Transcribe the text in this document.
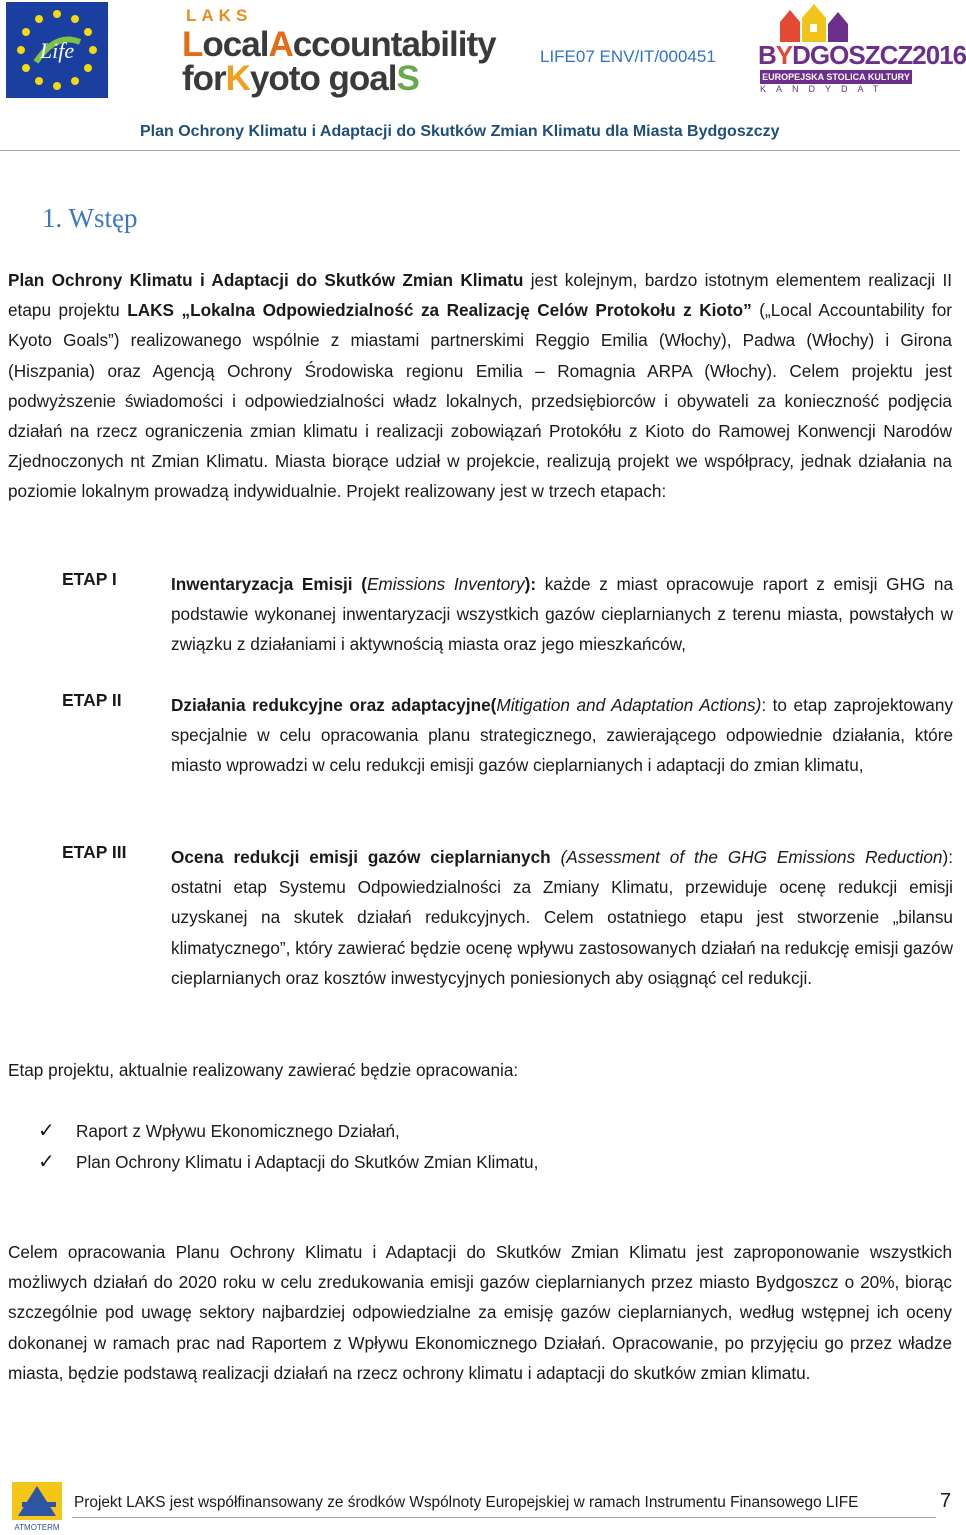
Life
LAKS
LocalAccountability
forKyoto goalS
LIFE07 ENV/IT/000451 BYDGOSZCZ2016
EUROPEJSKA STOLICA KULTURY
KANDYDAT
Plan Ochrony Klimatu i Adaptacji do Skutków Zmian Klimatu dla Miasta Bydgoszczy
1. Wstęp
Plan Ochrony Klimatu i Adaptacji do Skutków Zmian Klimatu jest kolejnym, bardzo istotnym elementem realizacji II etapu projektu LAKS „Lokalna Odpowiedzialność za Realizację Celów Protokołu z Kioto” („Local Accountability for Kyoto Goals”) realizowanego wspólnie z miastami partnerskimi Reggio Emilia (Włochy), Padwa (Włochy) i Girona (Hiszpania) oraz Agencją Ochrony Środowiska regionu Emilia – Romagnia ARPA (Włochy). Celem projektu jest podwyższenie świadomości i odpowiedzialności władz lokalnych, przedsiębiorców i obywateli za konieczność podjęcia działań na rzecz ograniczenia zmian klimatu i realizacji zobowiązań Protokółu z Kioto do Ramowej Konwencji Narodów Zjednoczonych nt Zmian Klimatu. Miasta biorące udział w projekcie, realizują projekt we współpracy, jednak działania na poziomie lokalnym prowadzą indywidualnie. Projekt realizowany jest w trzech etapach:
ETAP I	Inwentaryzacja Emisji (Emissions Inventory): każde z miast opracowuje raport z emisji GHG na podstawie wykonanej inwentaryzacji wszystkich gazów cieplarnianych z terenu miasta, powstałych w związku z działaniami i aktywnością miasta oraz jego mieszkańców,
ETAP II	Działania redukcyjne oraz adaptacyjne(Mitigation and Adaptation Actions): to etap zaprojektowany specjalnie w celu opracowania planu strategicznego, zawierającego odpowiednie działania, które miasto wprowadzi w celu redukcji emisji gazów cieplarnianych i adaptacji do zmian klimatu,
ETAP III	Ocena redukcji emisji gazów cieplarnianych (Assessment of the GHG Emissions Reduction): ostatni etap Systemu Odpowiedzialności za Zmiany Klimatu, przewiduje ocenę redukcji emisji uzyskanej na skutek działań redukcyjnych. Celem ostatniego etapu jest stworzenie „bilansu klimatycznego”, który zawierać będzie ocenę wpływu zastosowanych działań na redukcję emisji gazów cieplarnianych oraz kosztów inwestycyjnych poniesionych aby osiągnąć cel redukcji.
Etap projektu, aktualnie realizowany zawierać będzie opracowania:
✓	Raport z Wpływu Ekonomicznego Działań,
✓	Plan Ochrony Klimatu i Adaptacji do Skutków Zmian Klimatu,
Celem opracowania Planu Ochrony Klimatu i Adaptacji do Skutków Zmian Klimatu jest zaproponowanie wszystkich możliwych działań do 2020 roku w celu zredukowania emisji gazów cieplarnianych przez miasto Bydgoszcz o 20%, biorąc szczególnie pod uwagę sektory najbardziej odpowiedzialne za emisję gazów cieplarnianych, według wstępnej ich oceny dokonanej w ramach prac nad Raportem z Wpływu Ekonomicznego Działań. Opracowanie, po przyjęciu go przez władze miasta, będzie podstawą realizacji działań na rzecz ochrony klimatu i adaptacji do skutków zmian klimatu.
ATMOTERM
Projekt LAKS jest współfinansowany ze środków Wspólnoty Europejskiej w ramach Instrumentu Finansowego LIFE	7
